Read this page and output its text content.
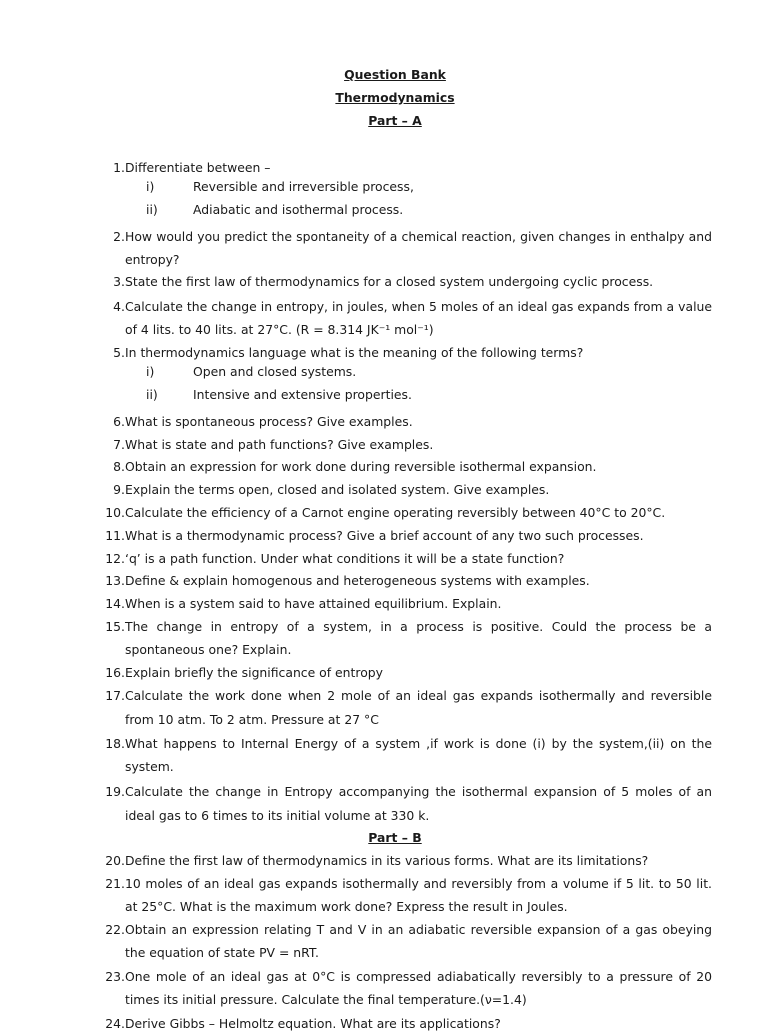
Question Bank
Thermodynamics
Part – A
1. Differentiate between –
i)	Reversible and irreversible process,
ii)	Adiabatic and isothermal process.
2. How would you predict the spontaneity of a chemical reaction, given changes in enthalpy and entropy?
3. State the first law of thermodynamics for a closed system undergoing cyclic process.
4. Calculate the change in entropy, in joules, when 5 moles of an ideal gas expands from a value of 4 lits. to 40 lits. at 27°C. (R = 8.314 JK⁻¹ mol⁻¹)
5. In thermodynamics language what is the meaning of the following terms?
i)	Open and closed systems.
ii)	Intensive and extensive properties.
6. What is spontaneous process? Give examples.
7. What is state and path functions? Give examples.
8. Obtain an expression for work done during reversible isothermal expansion.
9. Explain the terms open, closed and isolated system. Give examples.
10. Calculate the efficiency of a Carnot engine operating reversibly between 40°C to 20°C.
11. What is a thermodynamic process? Give a brief account of any two such processes.
12. ‘q’ is a path function. Under what conditions it will be a state function?
13. Define & explain homogenous and heterogeneous systems with examples.
14. When is a system said to have attained equilibrium. Explain.
15. The change in entropy of a system, in a process is positive. Could the process be a spontaneous one? Explain.
16. Explain briefly the significance of entropy
17. Calculate the work done when 2 mole of an ideal gas expands isothermally and reversible from 10 atm. To 2 atm. Pressure at 27 °C
18. What happens to Internal Energy of a system ,if work is done (i) by the system,(ii) on the system.
19. Calculate the change in Entropy accompanying the isothermal expansion of 5 moles of an ideal gas to 6 times to its initial volume at 330 k.
Part – B
20. Define the first law of thermodynamics in its various forms. What are its limitations?
21. 10 moles of an ideal gas expands isothermally and reversibly from a volume if 5 lit. to 50 lit. at 25°C. What is the maximum work done? Express the result in Joules.
22. Obtain an expression relating T and V in an adiabatic reversible expansion of a gas obeying the equation of state PV = nRT.
23. One mole of an ideal gas at 0°C is compressed adiabatically reversibly to a pressure of 20 times its initial pressure. Calculate the final temperature.(ν=1.4)
24. Derive Gibbs – Helmoltz equation. What are its applications?
